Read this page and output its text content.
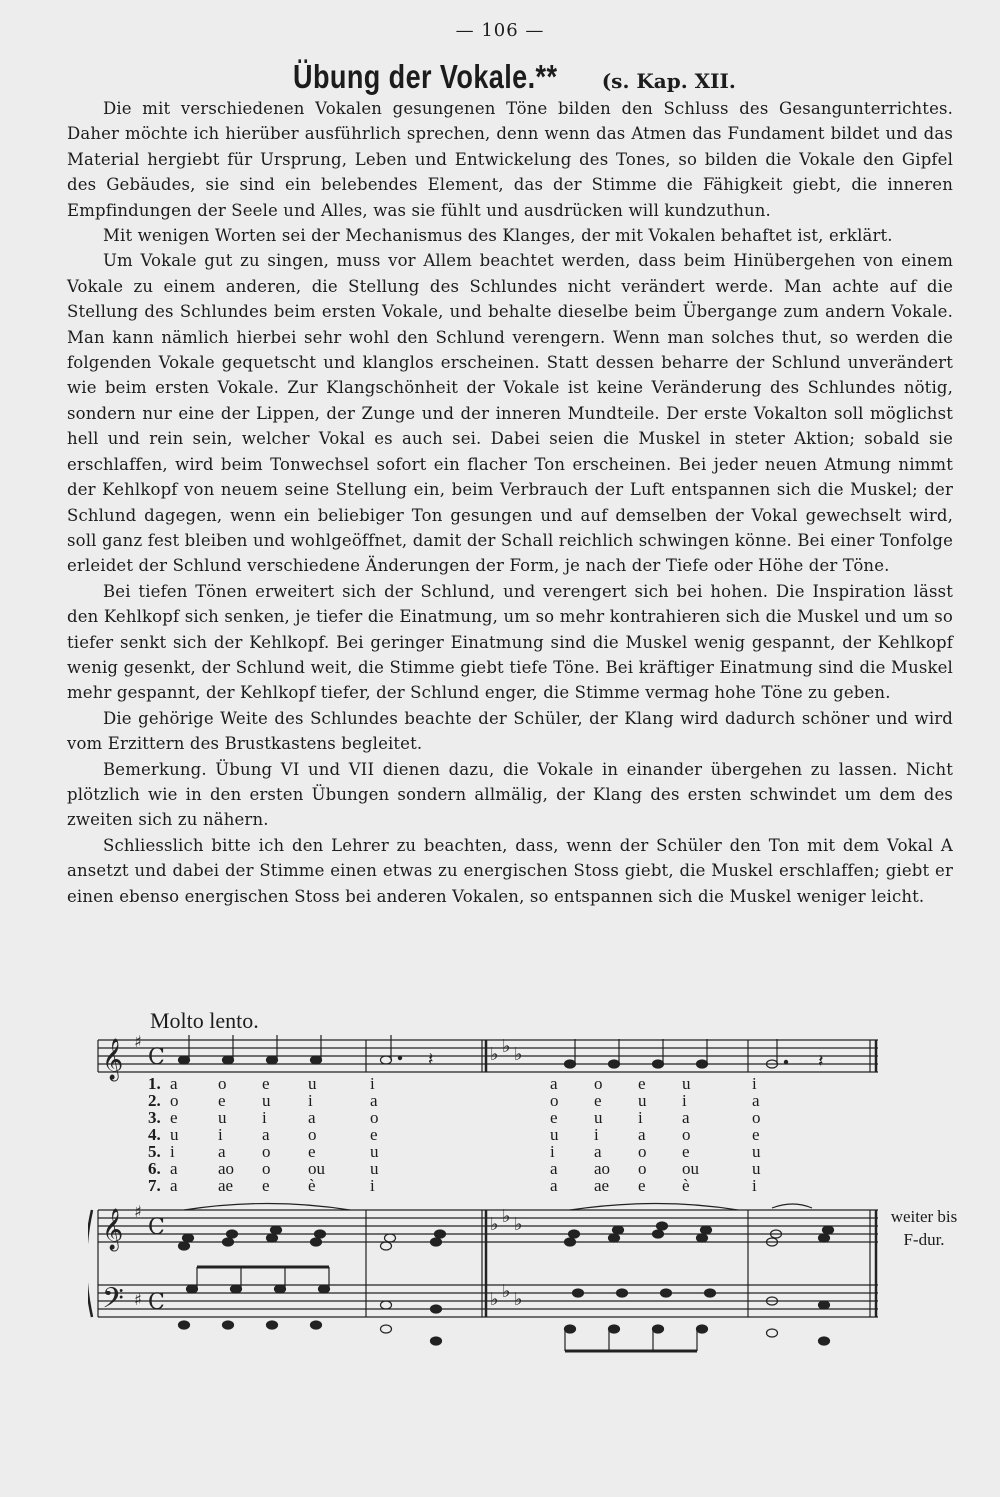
— 106 —
Übung der Vokale.** (s. Kap. XII.

Die mit verschiedenen Vokalen gesungenen Töne bilden den Schluss des Gesangunterrichtes. Daher möchte ich hierüber ausführlich sprechen, denn wenn das Atmen das Fundament bildet und das Material hergiebt für Ursprung, Leben und Entwickelung des Tones, so bilden die Vokale den Gipfel des Gebäudes, sie sind ein belebendes Element, das der Stimme die Fähigkeit giebt, die inneren Empfindungen der Seele und Alles, was sie fühlt und ausdrücken will kundzuthun.

Mit wenigen Worten sei der Mechanismus des Klanges, der mit Vokalen behaftet ist, erklärt.

Um Vokale gut zu singen, muss vor Allem beachtet werden, dass beim Hinübergehen von einem Vokale zu einem anderen, die Stellung des Schlundes nicht verändert werde. Man achte auf die Stellung des Schlundes beim ersten Vokale, und behalte dieselbe beim Übergange zum andern Vokale. Man kann nämlich hierbei sehr wohl den Schlund verengern. Wenn man solches thut, so werden die folgenden Vokale gequetscht und klanglos erscheinen. Statt dessen beharre der Schlund unverändert wie beim ersten Vokale. Zur Klangschönheit der Vokale ist keine Veränderung des Schlundes nötig, sondern nur eine der Lippen, der Zunge und der inneren Mundteile. Der erste Vokalton soll möglichst hell und rein sein, welcher Vokal es auch sei. Dabei seien die Muskel in steter Aktion; sobald sie erschlaffen, wird beim Tonwechsel sofort ein flacher Ton erscheinen. Bei jeder neuen Atmung nimmt der Kehlkopf von neuem seine Stellung ein, beim Verbrauch der Luft entspannen sich die Muskel; der Schlund dagegen, wenn ein beliebiger Ton gesungen und auf demselben der Vokal gewechselt wird, soll ganz fest bleiben und wohlgeöffnet, damit der Schall reichlich schwingen könne. Bei einer Tonfolge erleidet der Schlund verschiedene Änderungen der Form, je nach der Tiefe oder Höhe der Töne.

Bei tiefen Tönen erweitert sich der Schlund, und verengert sich bei hohen. Die Inspiration lässt den Kehlkopf sich senken, je tiefer die Einatmung, um so mehr kontrahieren sich die Muskel und um so tiefer senkt sich der Kehlkopf. Bei geringer Einatmung sind die Muskel wenig gespannt, der Kehlkopf wenig gesenkt, der Schlund weit, die Stimme giebt tiefe Töne. Bei kräftiger Einatmung sind die Muskel mehr gespannt, der Kehlkopf tiefer, der Schlund enger, die Stimme vermag hohe Töne zu geben.

Die gehörige Weite des Schlundes beachte der Schüler, der Klang wird dadurch schöner und wird vom Erzittern des Brustkastens begleitet.

Bemerkung. Übung VI und VII dienen dazu, die Vokale in einander übergehen zu lassen. Nicht plötzlich wie in den ersten Übungen sondern allmälig, der Klang des ersten schwindet um dem des zweiten sich zu nähern.

Schliesslich bitte ich den Lehrer zu beachten, dass, wenn der Schüler den Ton mit dem Vokal A ansetzt und dabei der Stimme einen etwas zu energischen Stoss giebt, die Muskel erschlaffen; giebt er einen ebenso energischen Stoss bei anderen Vokalen, so entspannen sich die Muskel weniger leicht.

𝄞 ♯
𝄞 ♯
𝄢 ♯
♭ ♭ ♭
♭ ♭ ♭
♭ ♭ ♭
C
C
C
𝄽	𝄽
Molto lento.
1. a o e u	i	a o e u	i
2. o e u i	a	o e u i	a
3. e u i a	o	e u i a	o
4. u i a o	e	u i a o	e
5. i	a o e	u	i a o e	u
6. a ao o ou	u	a ao o ou	u
7. a ae e è	i	a ae e è	i
weiter bis
F-dur.
